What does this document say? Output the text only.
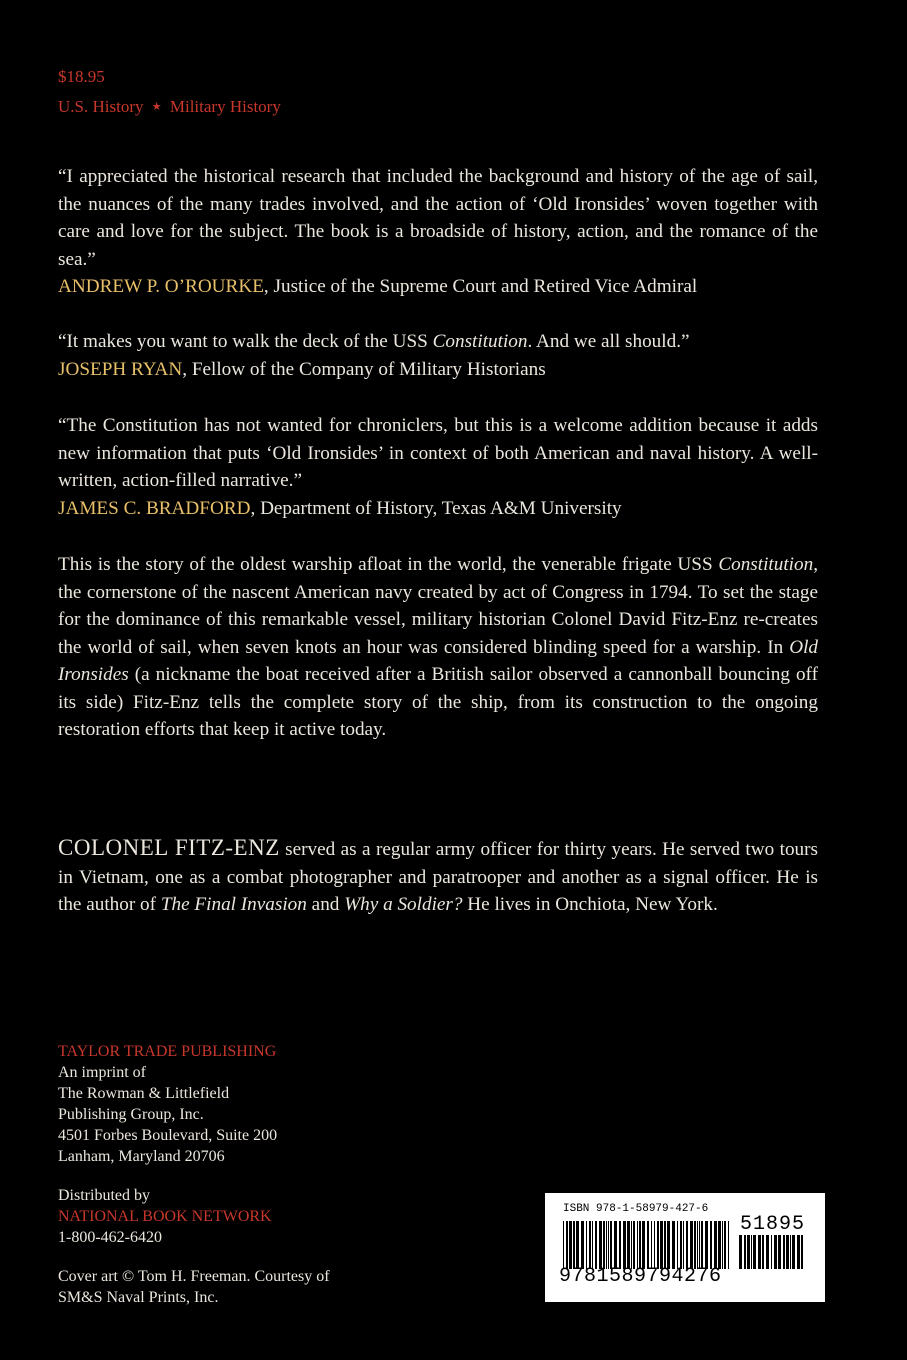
$18.95
U.S. History ★ Military History

“I appreciated the historical research that included the background and history of the age of sail, the nuances of the many trades involved, and the action of ‘Old Ironsides’ woven together with care and love for the subject. The book is a broadside of history, action, and the romance of the sea.”

ANDREW P. O’ROURKE, Justice of the Supreme Court and Retired Vice Admiral

“It makes you want to walk the deck of the USS Constitution. And we all should.”

JOSEPH RYAN, Fellow of the Company of Military Historians

“The Constitution has not wanted for chroniclers, but this is a welcome addition because it adds new information that puts ‘Old Ironsides’ in context of both American and naval history. A well-written, action-filled narrative.”

JAMES C. BRADFORD, Department of History, Texas A&M University

This is the story of the oldest warship afloat in the world, the venerable frigate USS Constitution, the cornerstone of the nascent American navy created by act of Congress in 1794. To set the stage for the dominance of this remarkable vessel, military historian Colonel David Fitz-Enz re-creates the world of sail, when seven knots an hour was considered blinding speed for a warship. In Old Ironsides (a nickname the boat received after a British sailor observed a cannonball bouncing off its side) Fitz-Enz tells the complete story of the ship, from its construction to the ongoing restoration efforts that keep it active today.

COLONEL FITZ-ENZ served as a regular army officer for thirty years. He served two tours in Vietnam, one as a combat photographer and paratrooper and another as a signal officer. He is the author of The Final Invasion and Why a Soldier? He lives in Onchiota, New York.

TAYLOR TRADE PUBLISHING
An imprint of
The Rowman & Littlefield
Publishing Group, Inc.
4501 Forbes Boulevard, Suite 200
Lanham, Maryland 20706
Distributed by
NATIONAL BOOK NETWORK
1-800-462-6420
Cover art © Tom H. Freeman. Courtesy of
SM&S Naval Prints, Inc.
ISBN 978-1-58979-427-6
51895
9781589794276
